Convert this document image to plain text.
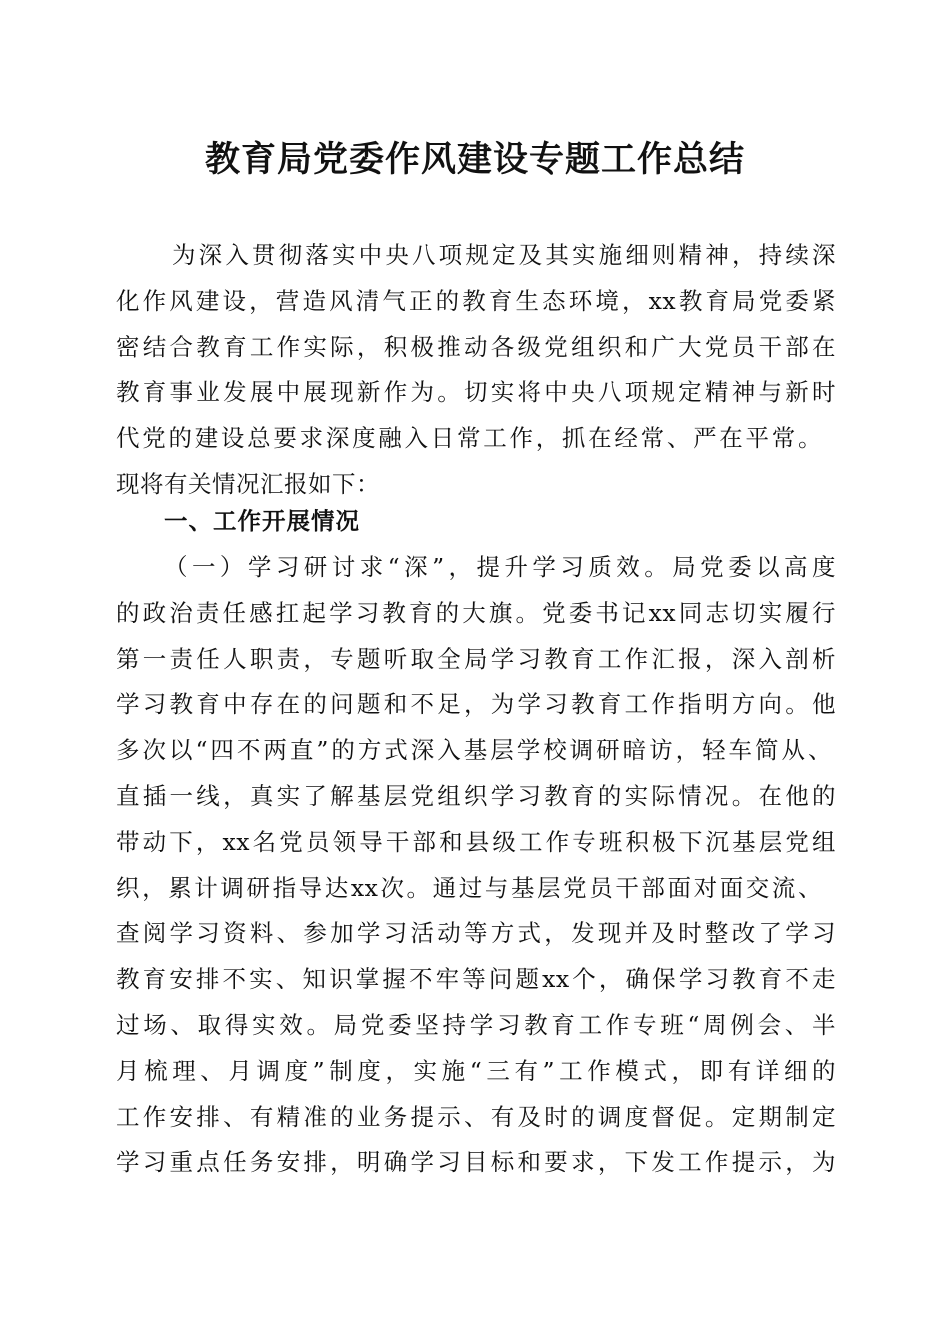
教育局党委作风建设专题工作总结
为深入贯彻落实中央八项规定及其实施细则精神，持续深
化作风建设，营造风清气正的教育生态环境，xx教育局党委紧
密结合教育工作实际，积极推动各级党组织和广大党员干部在
教育事业发展中展现新作为。切实将中央八项规定精神与新时
代党的建设总要求深度融入日常工作，抓在经常、严在平常。
现将有关情况汇报如下：
一、工作开展情况
（一）学习研讨求“深”，提升学习质效。局党委以高度
的政治责任感扛起学习教育的大旗。党委书记xx同志切实履行
第一责任人职责，专题听取全局学习教育工作汇报，深入剖析
学习教育中存在的问题和不足，为学习教育工作指明方向。他
多次以“四不两直”的方式深入基层学校调研暗访，轻车简从、
直插一线，真实了解基层党组织学习教育的实际情况。在他的
带动下，xx名党员领导干部和县级工作专班积极下沉基层党组
织，累计调研指导达xx次。通过与基层党员干部面对面交流、
查阅学习资料、参加学习活动等方式，发现并及时整改了学习
教育安排不实、知识掌握不牢等问题xx个，确保学习教育不走
过场、取得实效。局党委坚持学习教育工作专班“周例会、半
月梳理、月调度”制度，实施“三有”工作模式，即有详细的
工作安排、有精准的业务提示、有及时的调度督促。定期制定
学习重点任务安排，明确学习目标和要求，下发工作提示，为
